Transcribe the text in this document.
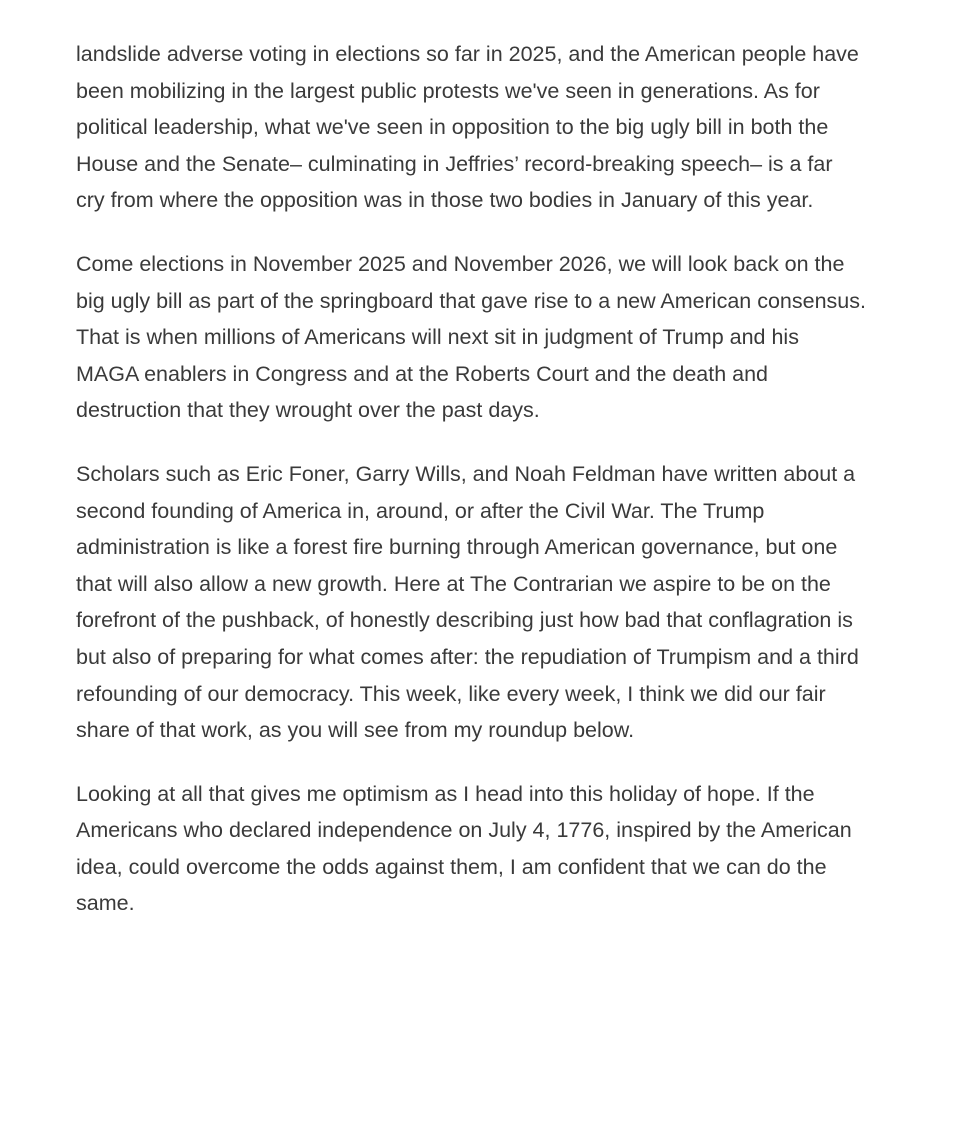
landslide adverse voting in elections so far in 2025, and the American people have been mobilizing in the largest public protests we've seen in generations. As for political leadership, what we've seen in opposition to the big ugly bill in both the House and the Senate– culminating in Jeffries’ record-breaking speech– is a far cry from where the opposition was in those two bodies in January of this year.

Come elections in November 2025 and November 2026, we will look back on the big ugly bill as part of the springboard that gave rise to a new American consensus. That is when millions of Americans will next sit in judgment of Trump and his MAGA enablers in Congress and at the Roberts Court and the death and destruction that they wrought over the past days.

Scholars such as Eric Foner, Garry Wills, and Noah Feldman have written about a second founding of America in, around, or after the Civil War. The Trump administration is like a forest fire burning through American governance, but one that will also allow a new growth. Here at The Contrarian we aspire to be on the forefront of the pushback, of honestly describing just how bad that conflagration is but also of preparing for what comes after: the repudiation of Trumpism and a third refounding of our democracy. This week, like every week, I think we did our fair share of that work, as you will see from my roundup below.

Looking at all that gives me optimism as I head into this holiday of hope. If the Americans who declared independence on July 4, 1776, inspired by the American idea, could overcome the odds against them, I am confident that we can do the same.
